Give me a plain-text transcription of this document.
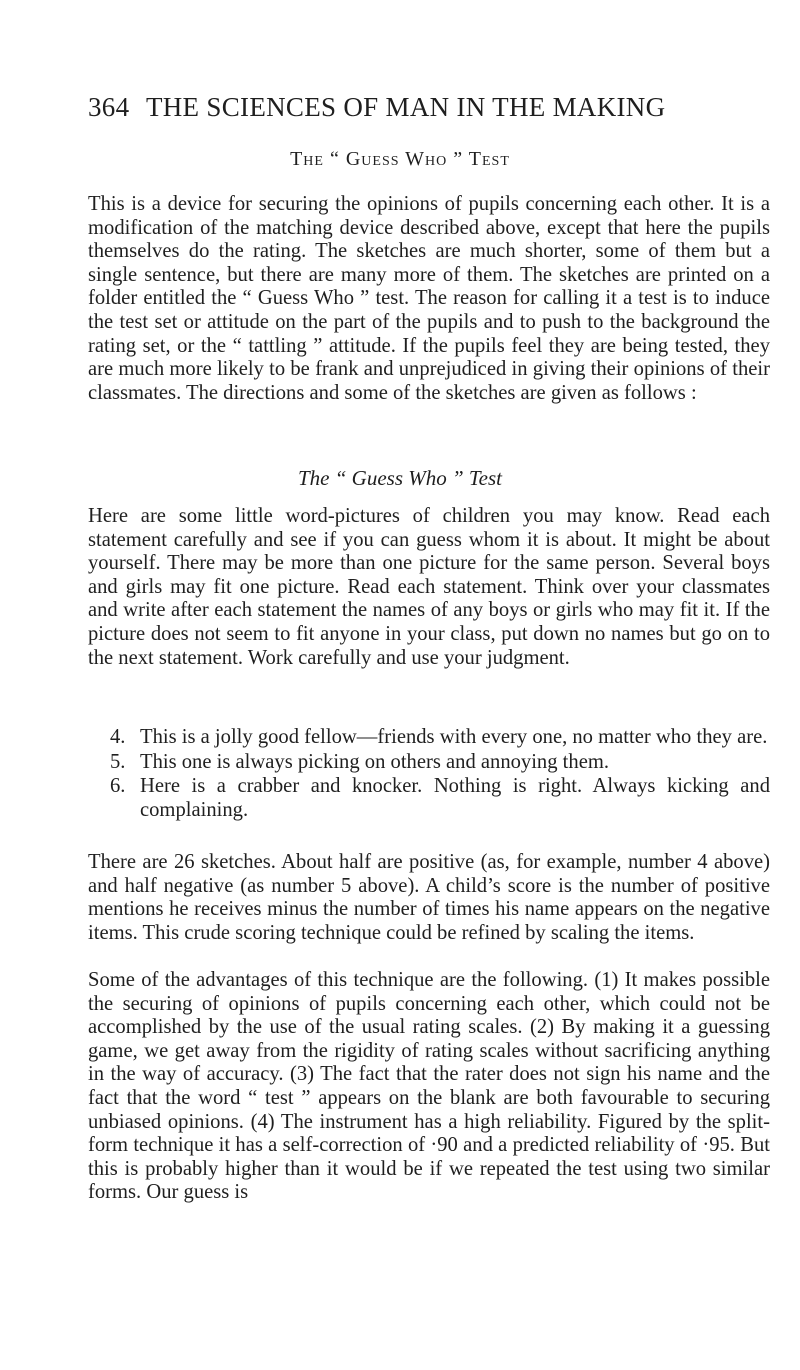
364 THE SCIENCES OF MAN IN THE MAKING
The “ Guess Who ” Test

This is a device for securing the opinions of pupils concerning each other. It is a modification of the matching device described above, except that here the pupils themselves do the rating. The sketches are much shorter, some of them but a single sentence, but there are many more of them. The sketches are printed on a folder entitled the “ Guess Who ” test. The reason for calling it a test is to induce the test set or attitude on the part of the pupils and to push to the background the rating set, or the “ tattling ” attitude. If the pupils feel they are being tested, they are much more likely to be frank and unprejudiced in giving their opinions of their classmates. The directions and some of the sketches are given as follows :

The “ Guess Who ” Test

Here are some little word-pictures of children you may know. Read each statement carefully and see if you can guess whom it is about. It might be about yourself. There may be more than one picture for the same person. Several boys and girls may fit one picture. Read each statement. Think over your classmates and write after each statement the names of any boys or girls who may fit it. If the picture does not seem to fit anyone in your class, put down no names but go on to the next statement. Work carefully and use your judgment.

4. This is a jolly good fellow—friends with every one, no matter who they are.
5. This one is always picking on others and annoying them.
6. Here is a crabber and knocker. Nothing is right. Always kicking and complaining.

There are 26 sketches. About half are positive (as, for example, number 4 above) and half negative (as number 5 above). A child’s score is the number of positive mentions he receives minus the number of times his name appears on the negative items. This crude scoring technique could be refined by scaling the items.

Some of the advantages of this technique are the following. (1) It makes possible the securing of opinions of pupils concerning each other, which could not be accomplished by the use of the usual rating scales. (2) By making it a guessing game, we get away from the rigidity of rating scales without sacrificing anything in the way of accuracy. (3) The fact that the rater does not sign his name and the fact that the word “ test ” appears on the blank are both favourable to securing unbiased opinions. (4) The instrument has a high reliability. Figured by the split-form technique it has a self-correction of ·90 and a predicted reliability of ·95. But this is probably higher than it would be if we repeated the test using two similar forms. Our guess is
